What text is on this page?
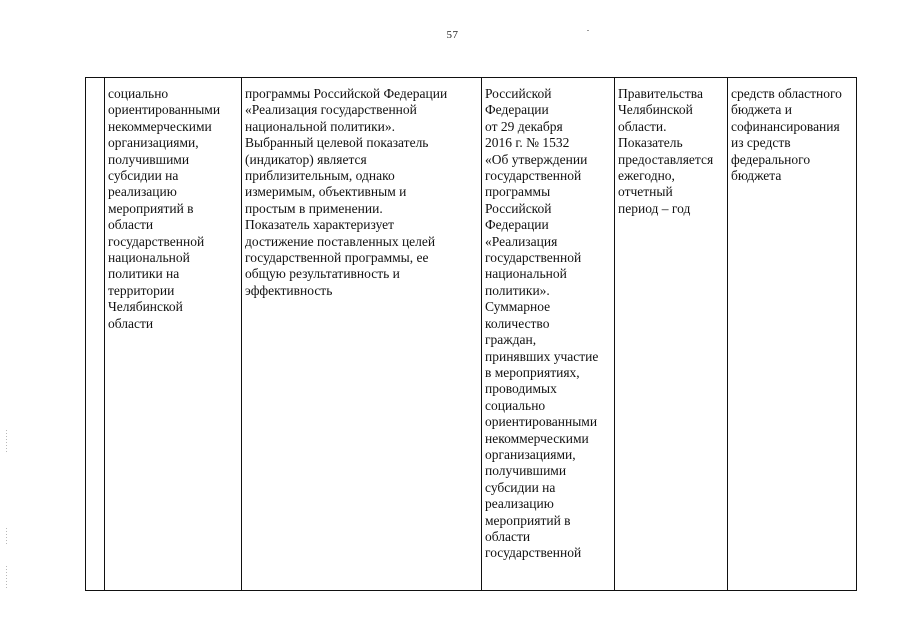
57
	социально
ориентированными
некоммерческими
организациями,
получившими
субсидии на
реализацию
мероприятий в
области
государственной
национальной
политики на
территории
Челябинской
области	программы Российской Федерации
«Реализация государственной
национальной политики».
Выбранный целевой показатель
(индикатор) является
приблизительным, однако
измеримым, объективным и
простым в применении.
Показатель характеризует
достижение поставленных целей
государственной программы, ее
общую результативность и
эффективность	Российской
Федерации
от 29 декабря
2016 г. № 1532
«Об утверждении
государственной
программы
Российской
Федерации
«Реализация
государственной
национальной
политики».
Суммарное
количество
граждан,
принявших участие
в мероприятиях,
проводимых
социально
ориентированными
некоммерческими
организациями,
получившими
субсидии на
реализацию
мероприятий в
области
государственной	Правительства
Челябинской
области.
Показатель
предоставляется
ежегодно,
отчетный
период – год	средств областного
бюджета и
софинансирования
из средств
федерального
бюджета
